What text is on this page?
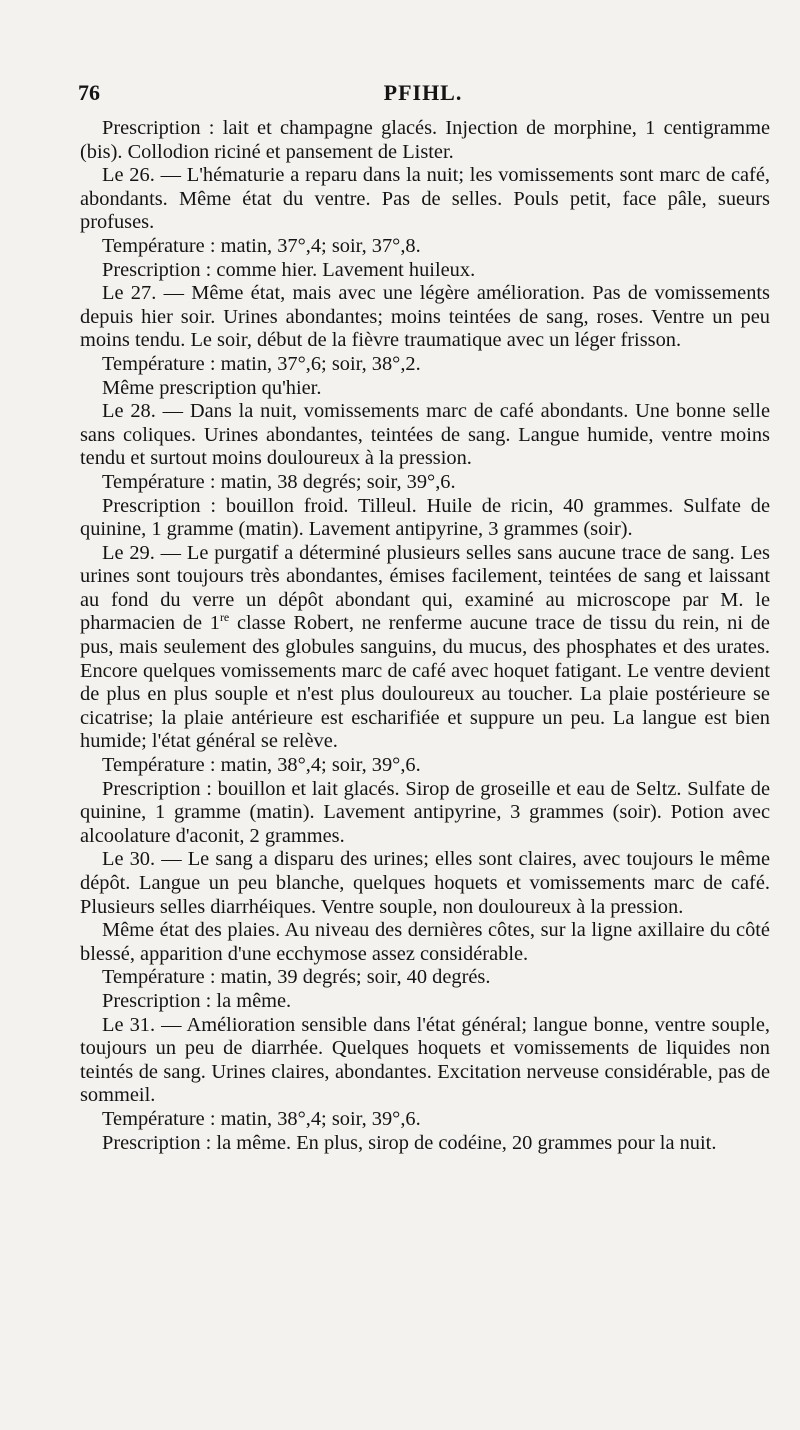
76	PFIHL.

Prescription : lait et champagne glacés. Injection de morphine, 1 centigramme (bis). Collodion riciné et pansement de Lister.

Le 26. — L'hématurie a reparu dans la nuit; les vomissements sont marc de café, abondants. Même état du ventre. Pas de selles. Pouls petit, face pâle, sueurs profuses.

Température : matin, 37°,4; soir, 37°,8.

Prescription : comme hier. Lavement huileux.

Le 27. — Même état, mais avec une légère amélioration. Pas de vomissements depuis hier soir. Urines abondantes; moins teintées de sang, roses. Ventre un peu moins tendu. Le soir, début de la fièvre traumatique avec un léger frisson.

Température : matin, 37°,6; soir, 38°,2.

Même prescription qu'hier.

Le 28. — Dans la nuit, vomissements marc de café abondants. Une bonne selle sans coliques. Urines abondantes, teintées de sang. Langue humide, ventre moins tendu et surtout moins douloureux à la pression.

Température : matin, 38 degrés; soir, 39°,6.

Prescription : bouillon froid. Tilleul. Huile de ricin, 40 grammes. Sulfate de quinine, 1 gramme (matin). Lavement antipyrine, 3 grammes (soir).

Le 29. — Le purgatif a déterminé plusieurs selles sans aucune trace de sang. Les urines sont toujours très abondantes, émises facilement, teintées de sang et laissant au fond du verre un dépôt abondant qui, examiné au microscope par M. le pharmacien de 1re classe Robert, ne renferme aucune trace de tissu du rein, ni de pus, mais seulement des globules sanguins, du mucus, des phosphates et des urates. Encore quelques vomissements marc de café avec hoquet fatigant. Le ventre devient de plus en plus souple et n'est plus douloureux au toucher. La plaie postérieure se cicatrise; la plaie antérieure est escharifiée et suppure un peu. La langue est bien humide; l'état général se relève.

Température : matin, 38°,4; soir, 39°,6.

Prescription : bouillon et lait glacés. Sirop de groseille et eau de Seltz. Sulfate de quinine, 1 gramme (matin). Lavement antipyrine, 3 grammes (soir). Potion avec alcoolature d'aconit, 2 grammes.

Le 30. — Le sang a disparu des urines; elles sont claires, avec toujours le même dépôt. Langue un peu blanche, quelques hoquets et vomissements marc de café. Plusieurs selles diarrhéiques. Ventre souple, non douloureux à la pression.

Même état des plaies. Au niveau des dernières côtes, sur la ligne axillaire du côté blessé, apparition d'une ecchymose assez considérable.

Température : matin, 39 degrés; soir, 40 degrés.

Prescription : la même.

Le 31. — Amélioration sensible dans l'état général; langue bonne, ventre souple, toujours un peu de diarrhée. Quelques hoquets et vomissements de liquides non teintés de sang. Urines claires, abondantes. Excitation nerveuse considérable, pas de sommeil.

Température : matin, 38°,4; soir, 39°,6.

Prescription : la même. En plus, sirop de codéine, 20 grammes pour la nuit.
